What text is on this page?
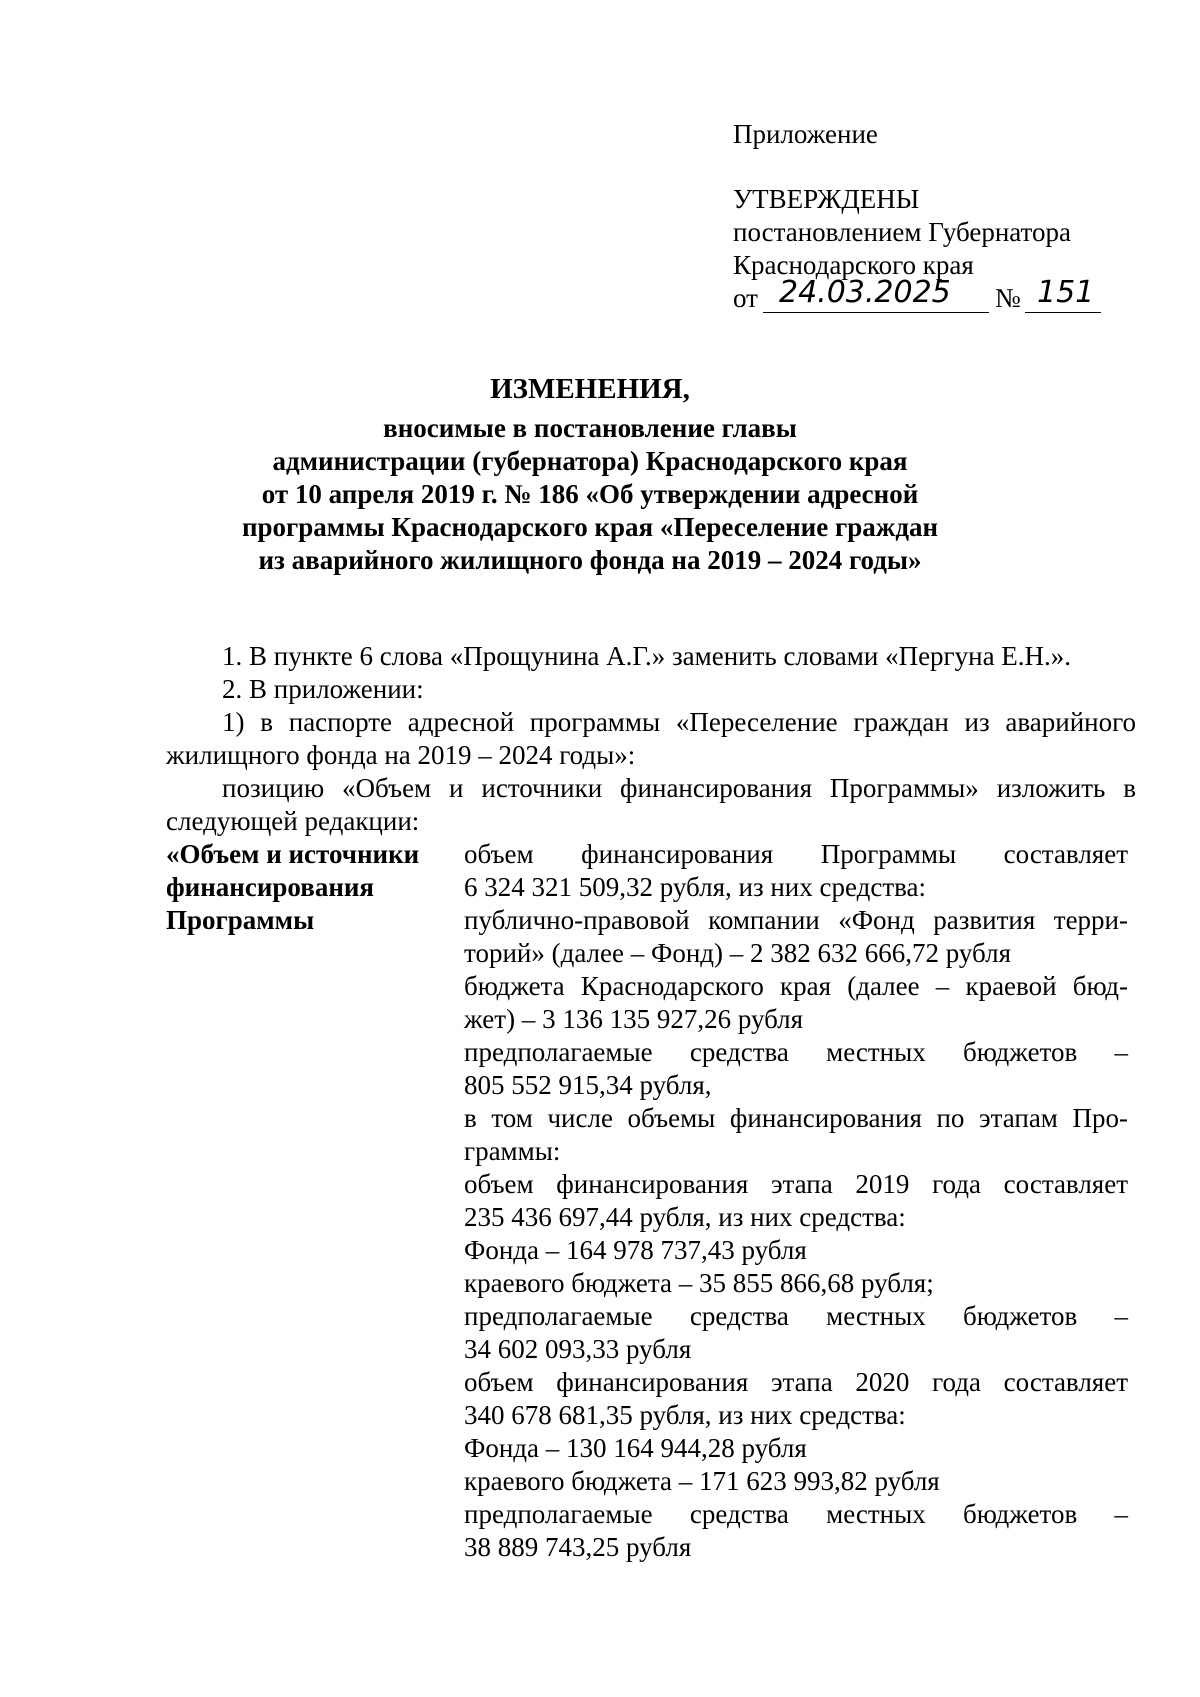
Приложение
УТВЕРЖДЕНЫ
постановлением Губернатора
Краснодарского края
от 24.03.2025 № 151
ИЗМЕНЕНИЯ,
вносимые в постановление главы
администрации (губернатора) Краснодарского края
от 10 апреля 2019 г. № 186 «Об утверждении адресной
программы Краснодарского края «Переселение граждан
из аварийного жилищного фонда на 2019 – 2024 годы»
1. В пункте 6 слова «Прощунина А.Г.» заменить словами «Пергуна Е.Н.».
2. В приложении:
1) в паспорте адресной программы «Переселение граждан из аварийного
жилищного фонда на 2019 – 2024 годы»:
позицию «Объем и источники финансирования Программы» изложить в
следующей редакции:
«Объем и источники
финансирования
Программы
объем финансирования Программы составляет
6 324 321 509,32 рубля, из них средства:
публично-правовой компании «Фонд развития терри-
торий» (далее – Фонд) – 2 382 632 666,72 рубля
бюджета Краснодарского края (далее – краевой бюд-
жет) – 3 136 135 927,26 рубля
предполагаемые средства местных бюджетов –
805 552 915,34 рубля,
в том числе объемы финансирования по этапам Про-
граммы:
объем финансирования этапа 2019 года составляет
235 436 697,44 рубля, из них средства:
Фонда – 164 978 737,43 рубля
краевого бюджета – 35 855 866,68 рубля;
предполагаемые средства местных бюджетов –
34 602 093,33 рубля
объем финансирования этапа 2020 года составляет
340 678 681,35 рубля, из них средства:
Фонда – 130 164 944,28 рубля
краевого бюджета – 171 623 993,82 рубля
предполагаемые средства местных бюджетов –
38 889 743,25 рубля
